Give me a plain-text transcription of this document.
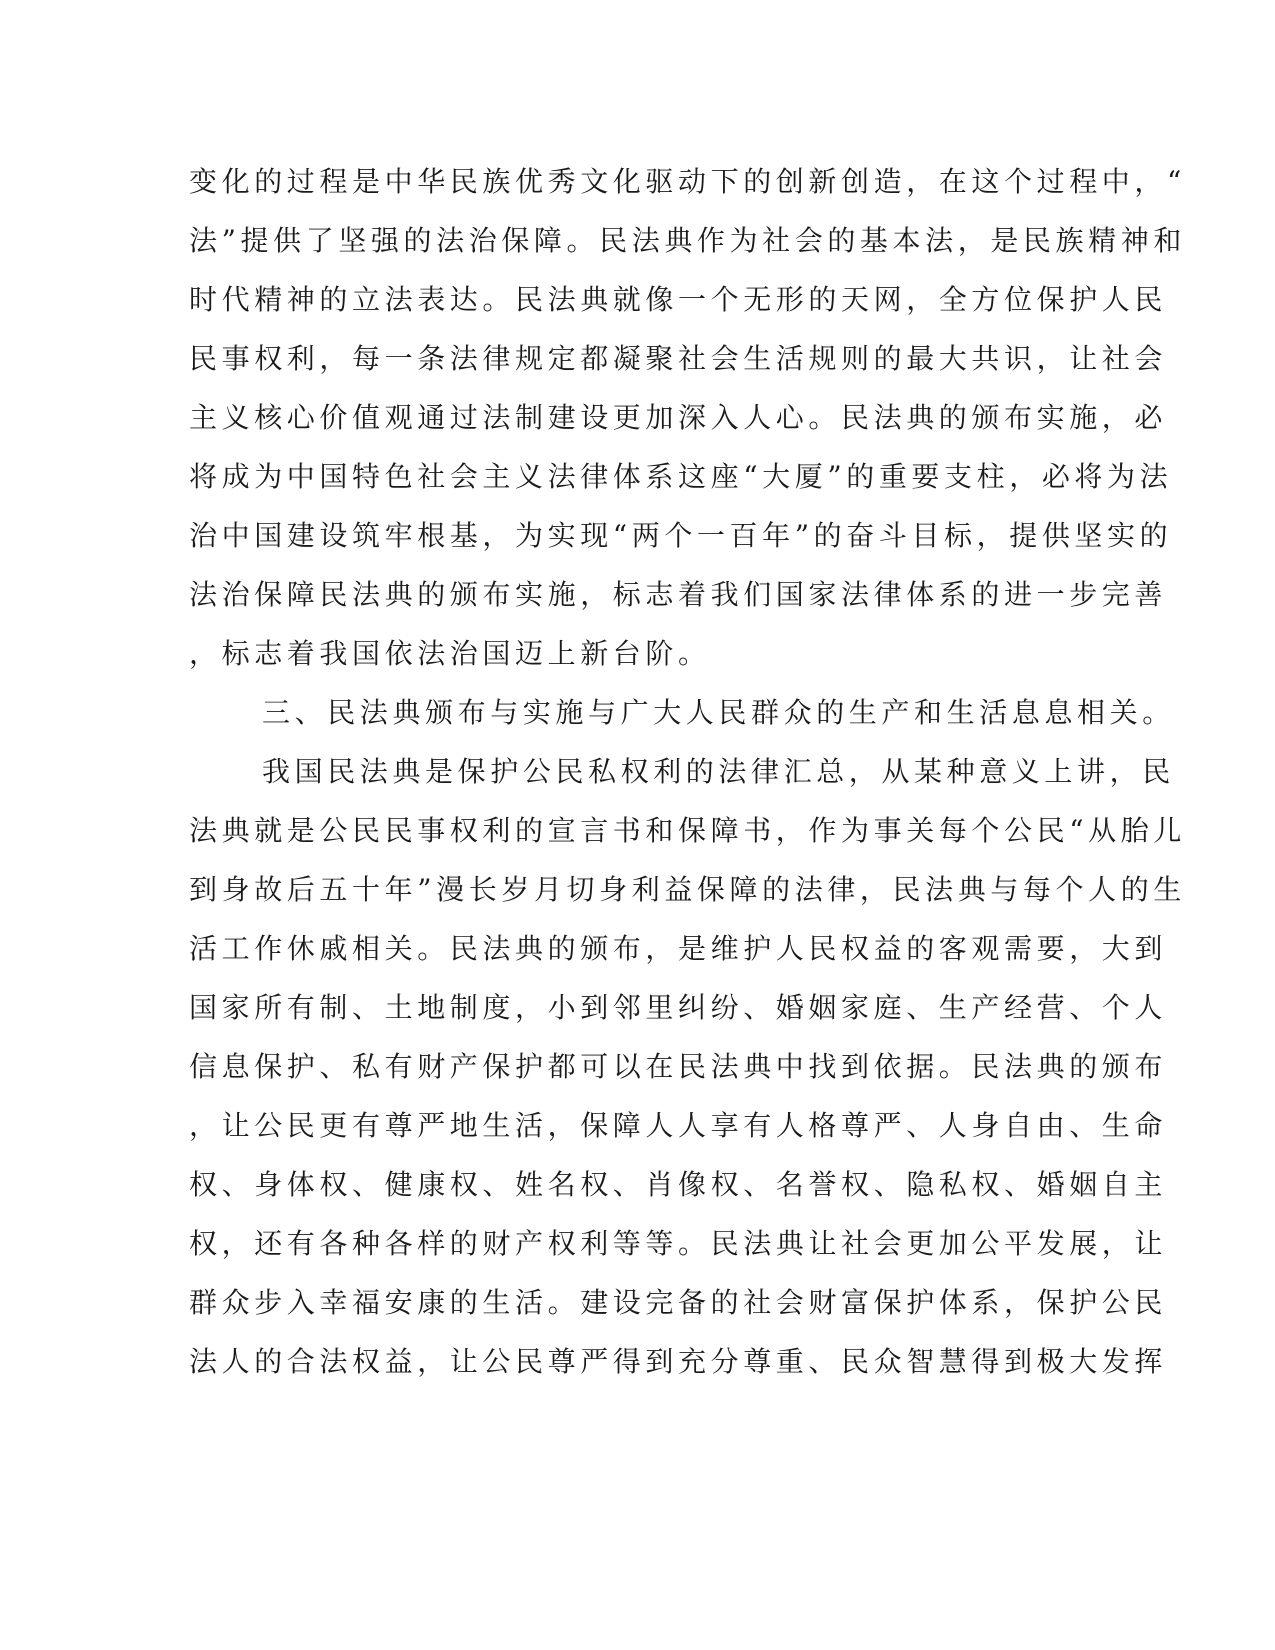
变化的过程是中华民族优秀文化驱动下的创新创造，在这个过程中，“
法”提供了坚强的法治保障。民法典作为社会的基本法，是民族精神和
时代精神的立法表达。民法典就像一个无形的天网，全方位保护人民
民事权利，每一条法律规定都凝聚社会生活规则的最大共识，让社会
主义核心价值观通过法制建设更加深入人心。民法典的颁布实施，必
将成为中国特色社会主义法律体系这座“大厦”的重要支柱，必将为法
治中国建设筑牢根基，为实现“两个一百年”的奋斗目标，提供坚实的
法治保障民法典的颁布实施，标志着我们国家法律体系的进一步完善
，标志着我国依法治国迈上新台阶。
三、民法典颁布与实施与广大人民群众的生产和生活息息相关。
我国民法典是保护公民私权利的法律汇总，从某种意义上讲，民
法典就是公民民事权利的宣言书和保障书，作为事关每个公民“从胎儿
到身故后五十年”漫长岁月切身利益保障的法律，民法典与每个人的生
活工作休戚相关。民法典的颁布，是维护人民权益的客观需要，大到
国家所有制、土地制度，小到邻里纠纷、婚姻家庭、生产经营、个人
信息保护、私有财产保护都可以在民法典中找到依据。民法典的颁布
，让公民更有尊严地生活，保障人人享有人格尊严、人身自由、生命
权、身体权、健康权、姓名权、肖像权、名誉权、隐私权、婚姻自主
权，还有各种各样的财产权利等等。民法典让社会更加公平发展，让
群众步入幸福安康的生活。建设完备的社会财富保护体系，保护公民
法人的合法权益，让公民尊严得到充分尊重、民众智慧得到极大发挥
